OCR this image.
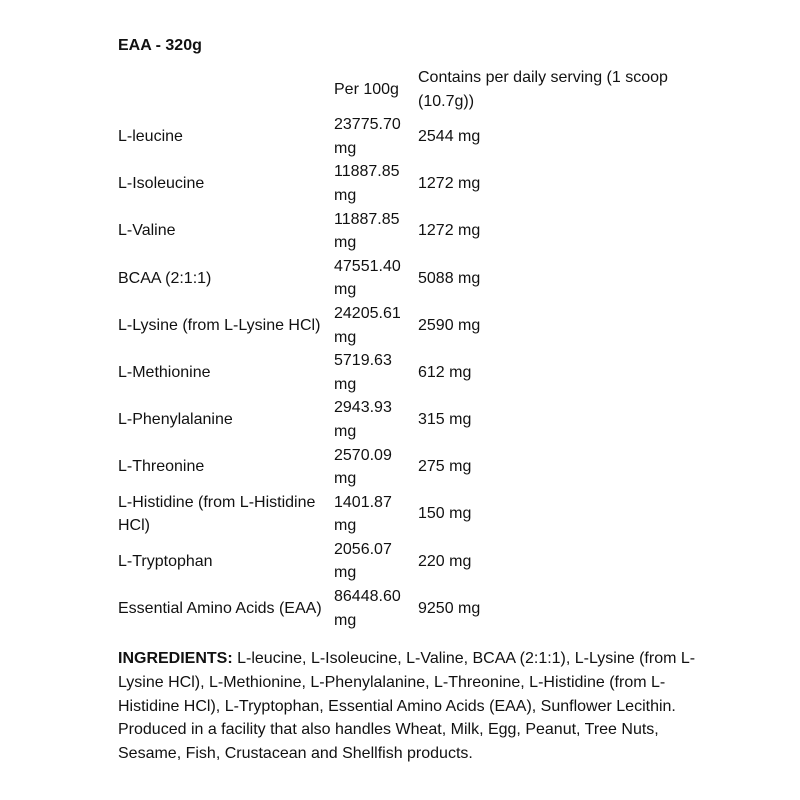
EAA - 320g
	Per 100g	Contains per daily serving (1 scoop (10.7g))
L-leucine	23775.70 mg	2544 mg
L-Isoleucine	11887.85 mg	1272 mg
L-Valine	11887.85 mg	1272 mg
BCAA (2:1:1)	47551.40 mg	5088 mg
L-Lysine (from L-Lysine HCl)	24205.61 mg	2590 mg
L-Methionine	5719.63 mg	612 mg
L-Phenylalanine	2943.93 mg	315 mg
L-Threonine	2570.09 mg	275 mg
L-Histidine (from L-Histidine HCl)	1401.87 mg	150 mg
L-Tryptophan	2056.07 mg	220 mg
Essential Amino Acids (EAA)	86448.60 mg	9250 mg

INGREDIENTS: L-leucine, L-Isoleucine, L-Valine, BCAA (2:1:1), L-Lysine (from L-Lysine HCl), L-Methionine, L-Phenylalanine, L-Threonine, L-Histidine (from L-Histidine HCl), L-Tryptophan, Essential Amino Acids (EAA), Sunflower Lecithin. Produced in a facility that also handles Wheat, Milk, Egg, Peanut, Tree Nuts, Sesame, Fish, Crustacean and Shellfish products.
